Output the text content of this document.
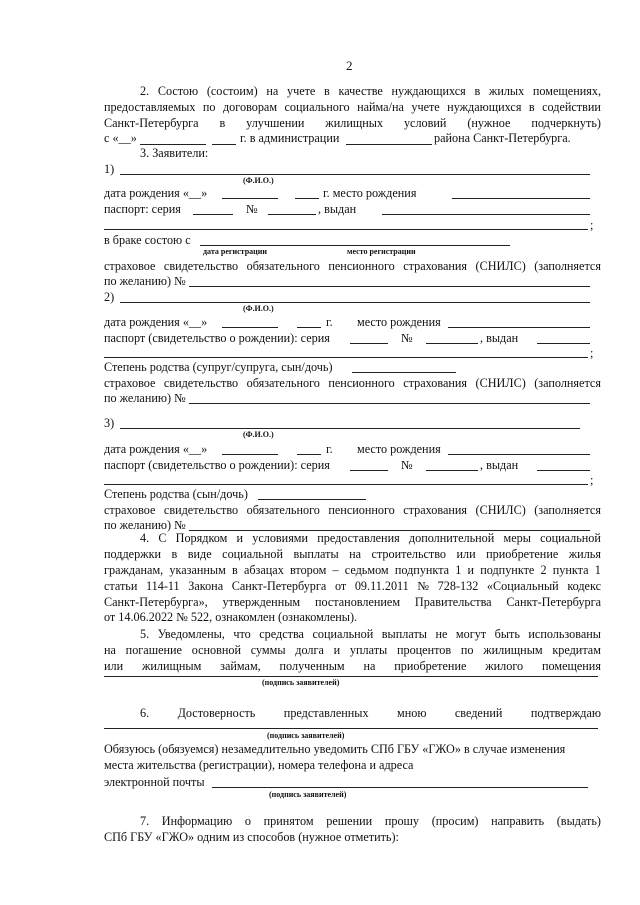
2
2. Состою (состоим) на учете в качестве нуждающихся в жилых помещениях,
предоставляемых по договорам социального найма/на учете нуждающихся в содействии
Санкт-Петербурга в улучшении жилищных условий (нужное подчеркнуть)
с «__»	г. в администрации	района Санкт-Петербурга.
3. Заявители:
1)
(Ф.И.О.)
дата рождения «__»	г. место рождения
паспорт: серия	№	, выдан
;
в браке состою с
дата регистрации	место регистрации
страховое свидетельство обязательного пенсионного страхования (СНИЛС) (заполняется
по желанию) №
2)
(Ф.И.О.)
дата рождения «__»	г. место рождения
паспорт (свидетельство о рождении): серия	№	, выдан
;
Степень родства (супруг/супруга, сын/дочь)
страховое свидетельство обязательного пенсионного страхования (СНИЛС) (заполняется
по желанию) №
3)
(Ф.И.О.)
дата рождения «__»	г. место рождения
паспорт (свидетельство о рождении): серия	№	, выдан
;
Степень родства (сын/дочь)
страховое свидетельство обязательного пенсионного страхования (СНИЛС) (заполняется
по желанию) №
4. С Порядком и условиями предоставления дополнительной меры социальной
поддержки в виде социальной выплаты на строительство или приобретение жилья
гражданам, указанным в абзацах втором – седьмом подпункта 1 и подпункте 2 пункта 1
статьи 114-11 Закона Санкт-Петербурга от 09.11.2011 № 728-132 «Социальный кодекс
Санкт-Петербурга», утвержденным постановлением Правительства Санкт-Петербурга
от 14.06.2022 № 522, ознакомлен (ознакомлены).
5. Уведомлены, что средства социальной выплаты не могут быть использованы
на погашение основной суммы долга и уплаты процентов по жилищным кредитам
или жилищным займам, полученным на приобретение жилого помещения
(подпись заявителей)
6. Достоверность представленных мною сведений подтверждаю
(подпись заявителей)
Обязуюсь (обязуемся) незамедлительно уведомить СПб ГБУ «ГЖО» в случае изменения
места жительства (регистрации), номера телефона и адреса
электронной почты
(подпись заявителей)
7. Информацию о принятом решении прошу (просим) направить (выдать)
СПб ГБУ «ГЖО» одним из способов (нужное отметить):
